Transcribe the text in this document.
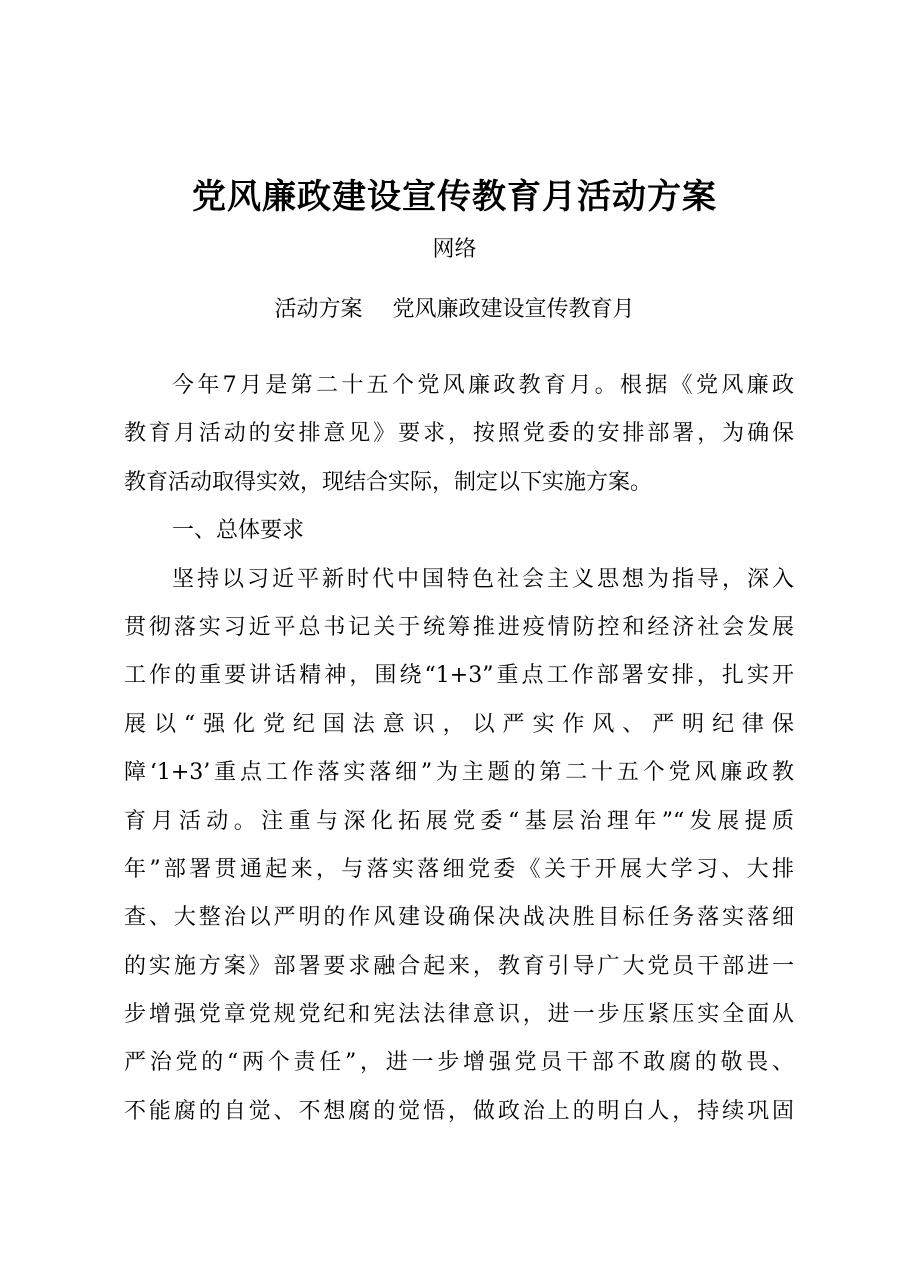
党风廉政建设宣传教育月活动方案
网络
活动方案 党风廉政建设宣传教育月
今年7月是第二十五个党风廉政教育月。根据《党风廉政
教育月活动的安排意见》要求，按照党委的安排部署，为确保
教育活动取得实效，现结合实际，制定以下实施方案。
一、总体要求
坚持以习近平新时代中国特色社会主义思想为指导，深入
贯彻落实习近平总书记关于统筹推进疫情防控和经济社会发展
工作的重要讲话精神，围绕“1+3”重点工作部署安排，扎实开
展以“强化党纪国法意识，以严实作风、严明纪律保
障‘1+3’重点工作落实落细”为主题的第二十五个党风廉政教
育月活动。注重与深化拓展党委“基层治理年”“发展提质
年”部署贯通起来，与落实落细党委《关于开展大学习、大排
查、大整治以严明的作风建设确保决战决胜目标任务落实落细
的实施方案》部署要求融合起来，教育引导广大党员干部进一
步增强党章党规党纪和宪法法律意识，进一步压紧压实全面从
严治党的“两个责任”，进一步增强党员干部不敢腐的敬畏、
不能腐的自觉、不想腐的觉悟，做政治上的明白人，持续巩固
